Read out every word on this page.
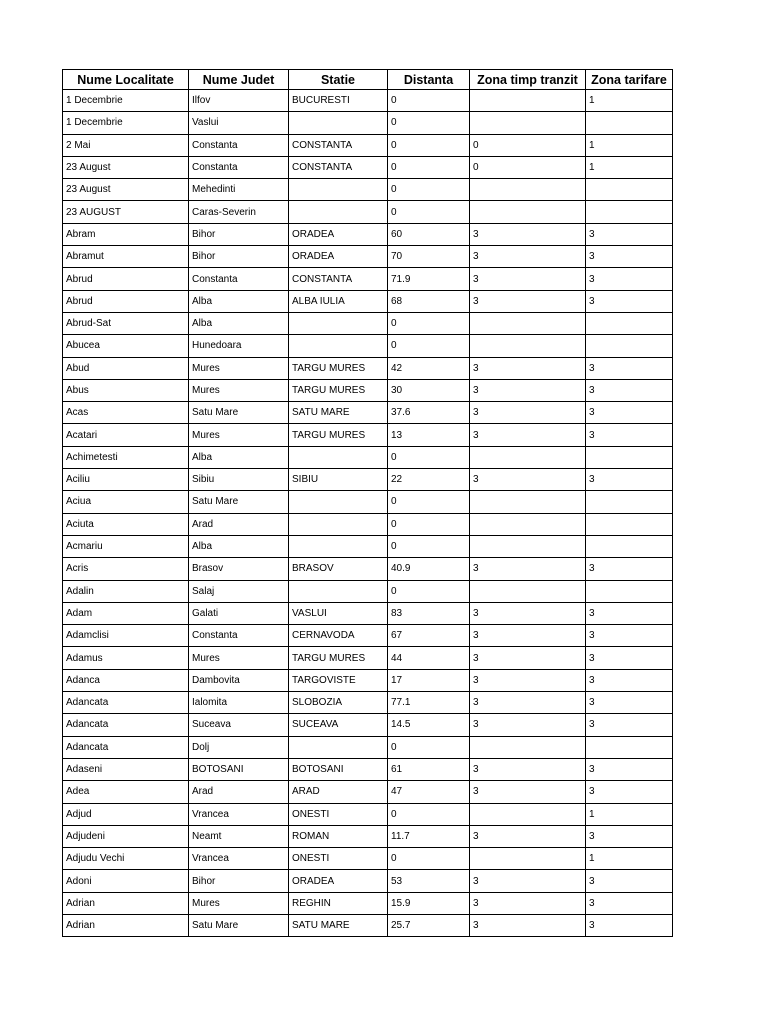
Nume Localitate	Nume Judet	Statie	Distanta	Zona timp tranzit	Zona tarifare
1 Decembrie	Ilfov	BUCURESTI	0		1
1 Decembrie	Vaslui		0		
2 Mai	Constanta	CONSTANTA	0	0	1
23 August	Constanta	CONSTANTA	0	0	1
23 August	Mehedinti		0		
23 AUGUST	Caras-Severin		0		
Abram	Bihor	ORADEA	60	3	3
Abramut	Bihor	ORADEA	70	3	3
Abrud	Constanta	CONSTANTA	71.9	3	3
Abrud	Alba	ALBA IULIA	68	3	3
Abrud-Sat	Alba		0		
Abucea	Hunedoara		0		
Abud	Mures	TARGU MURES	42	3	3
Abus	Mures	TARGU MURES	30	3	3
Acas	Satu Mare	SATU MARE	37.6	3	3
Acatari	Mures	TARGU MURES	13	3	3
Achimetesti	Alba		0		
Aciliu	Sibiu	SIBIU	22	3	3
Aciua	Satu Mare		0		
Aciuta	Arad		0		
Acmariu	Alba		0		
Acris	Brasov	BRASOV	40.9	3	3
Adalin	Salaj		0		
Adam	Galati	VASLUI	83	3	3
Adamclisi	Constanta	CERNAVODA	67	3	3
Adamus	Mures	TARGU MURES	44	3	3
Adanca	Dambovita	TARGOVISTE	17	3	3
Adancata	Ialomita	SLOBOZIA	77.1	3	3
Adancata	Suceava	SUCEAVA	14.5	3	3
Adancata	Dolj		0		
Adaseni	BOTOSANI	BOTOSANI	61	3	3
Adea	Arad	ARAD	47	3	3
Adjud	Vrancea	ONESTI	0		1
Adjudeni	Neamt	ROMAN	11.7	3	3
Adjudu Vechi	Vrancea	ONESTI	0		1
Adoni	Bihor	ORADEA	53	3	3
Adrian	Mures	REGHIN	15.9	3	3
Adrian	Satu Mare	SATU MARE	25.7	3	3
